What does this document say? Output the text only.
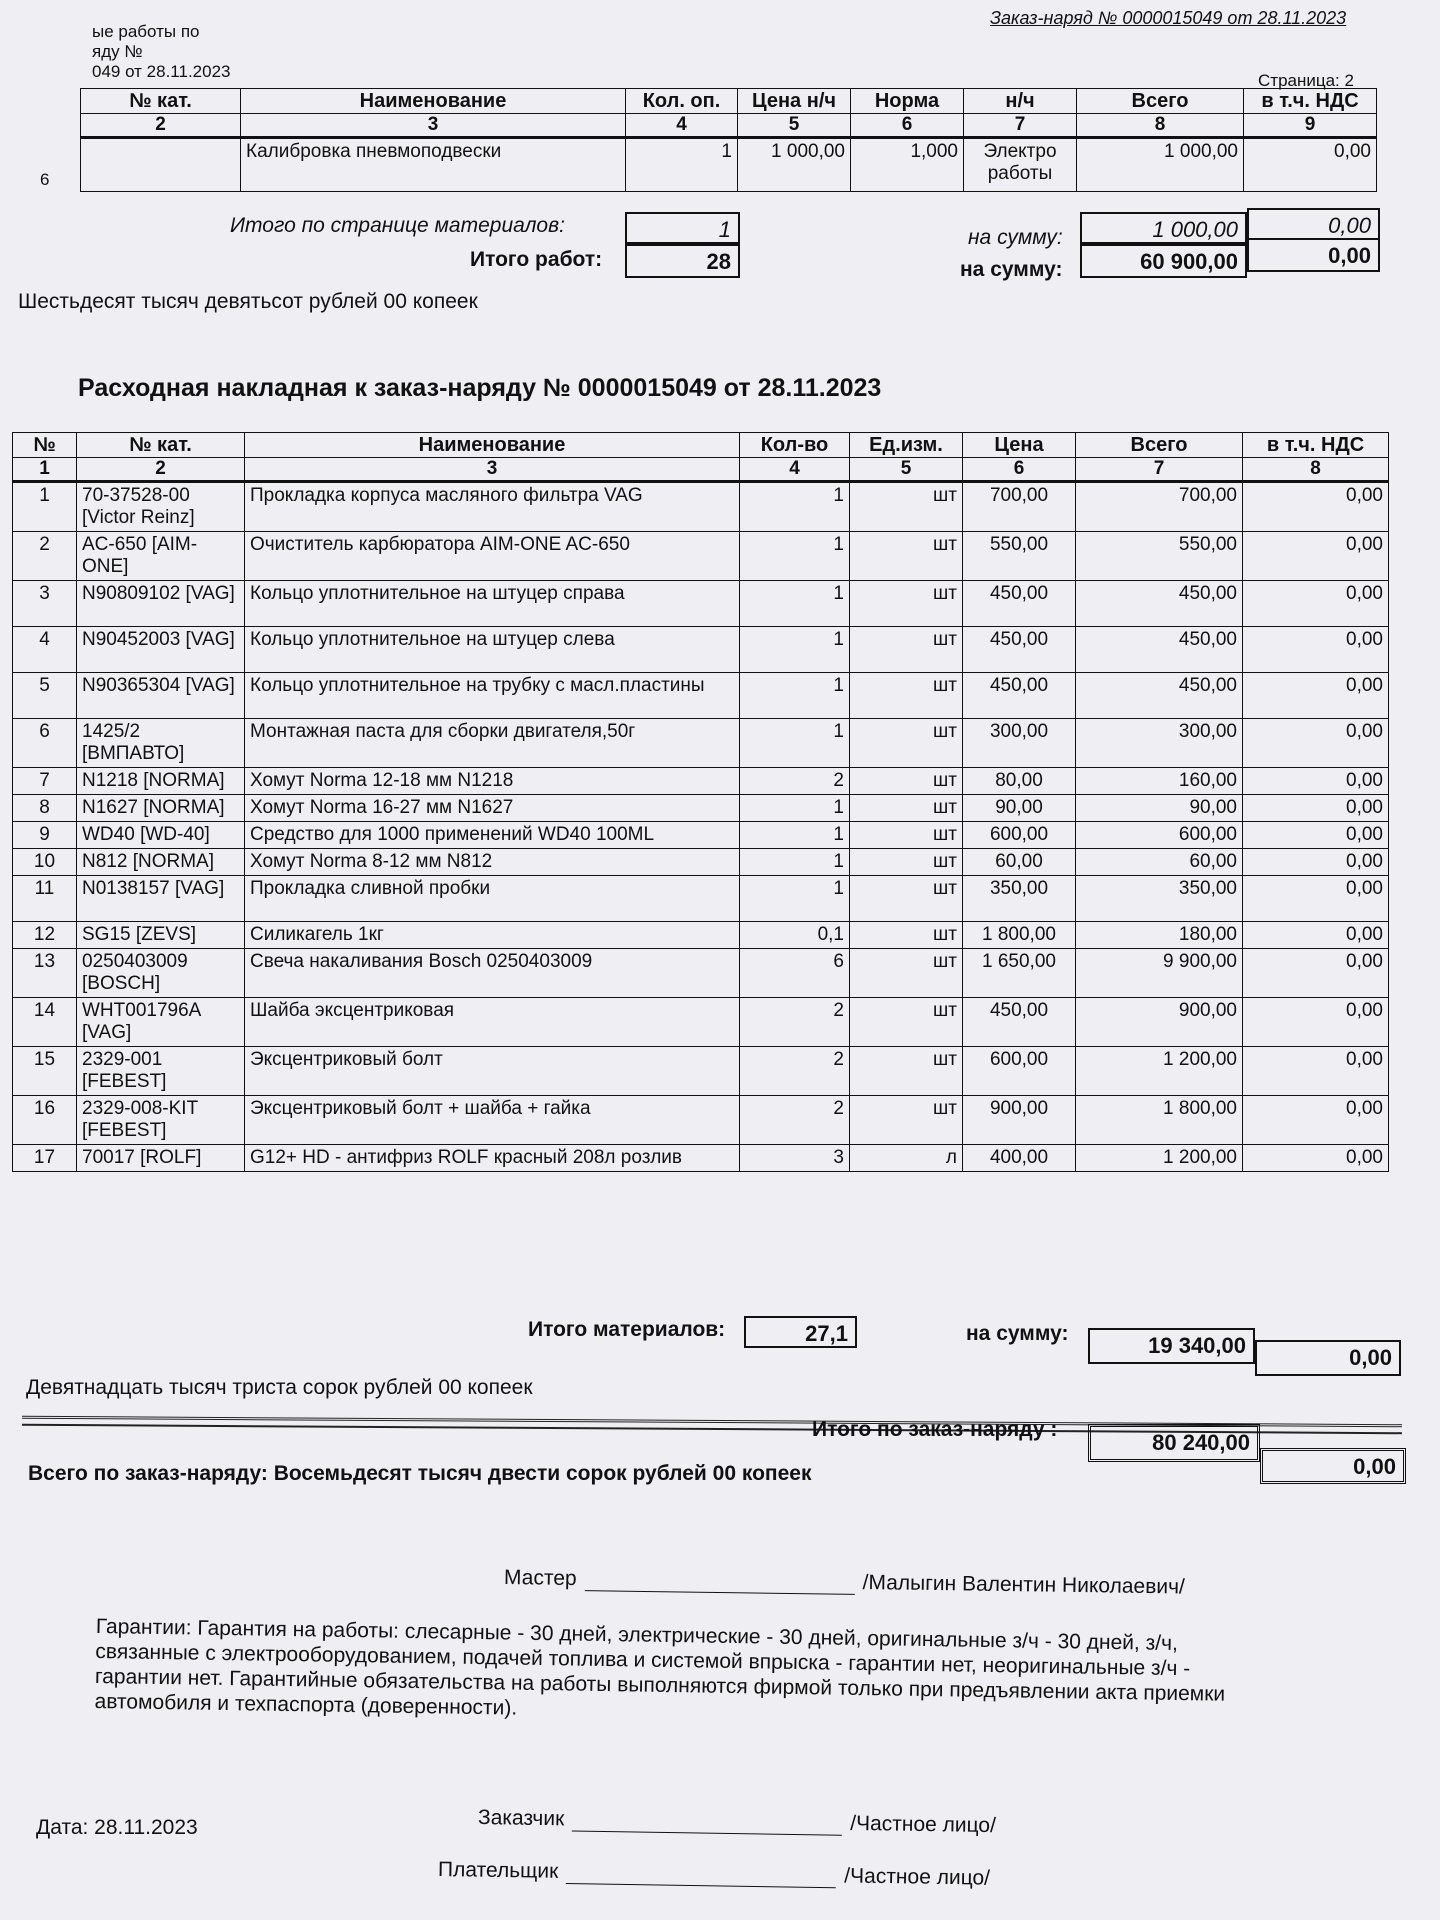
ые работы по
яду №
049 от 28.11.2023
Заказ-наряд № 0000015049 от 28.11.2023
Страница: 2
№ кат.	Наименование	Кол. оп.	Цена н/ч	Норма	н/ч	Всего	в т.ч. НДС
2	3	4	5	6	7	8	9
	Калибровка пневмоподвески	1	1 000,00	1,000	Электро работы	1 000,00	0,00
6
Итого по странице материалов:	1	на сумму:	1 000,00	0,00
Итого работ:	28	на сумму:	60 900,00	0,00
Шестьдесят тысяч девятьсот рублей 00 копеек
Расходная накладная к заказ-наряду № 0000015049 от 28.11.2023
№	№ кат.	Наименование	Кол-во	Ед.изм.	Цена	Всего	в т.ч. НДС
1	2	3	4	5	6	7	8
1	70-37528-00 [Victor Reinz]	Прокладка корпуса масляного фильтра VAG	1	шт	700,00	700,00	0,00
2	AC-650 [AIM-ONE]	Очиститель карбюратора AIM-ONE AC-650	1	шт	550,00	550,00	0,00
3	N90809102 [VAG]	Кольцо уплотнительное на штуцер справа	1	шт	450,00	450,00	0,00
4	N90452003 [VAG]	Кольцо уплотнительное на штуцер слева	1	шт	450,00	450,00	0,00
5	N90365304 [VAG]	Кольцо уплотнительное на трубку с масл.пластины	1	шт	450,00	450,00	0,00
6	1425/2 [ВМПАВТО]	Монтажная паста для сборки двигателя,50г	1	шт	300,00	300,00	0,00
7	N1218 [NORMA]	Хомут Norma 12-18 мм N1218	2	шт	80,00	160,00	0,00
8	N1627 [NORMA]	Хомут Norma 16-27 мм N1627	1	шт	90,00	90,00	0,00
9	WD40 [WD-40]	Средство для 1000 применений WD40 100ML	1	шт	600,00	600,00	0,00
10	N812 [NORMA]	Хомут Norma 8-12 мм N812	1	шт	60,00	60,00	0,00
11	N0138157 [VAG]	Прокладка сливной пробки	1	шт	350,00	350,00	0,00
12	SG15 [ZEVS]	Силикагель 1кг	0,1	шт	1 800,00	180,00	0,00
13	0250403009 [BOSCH]	Свеча накаливания Bosch 0250403009	6	шт	1 650,00	9 900,00	0,00
14	WHT001796A [VAG]	Шайба эксцентриковая	2	шт	450,00	900,00	0,00
15	2329-001 [FEBEST]	Эксцентриковый болт	2	шт	600,00	1 200,00	0,00
16	2329-008-KIT [FEBEST]	Эксцентриковый болт + шайба + гайка	2	шт	900,00	1 800,00	0,00
17	70017 [ROLF]	G12+ HD - антифриз ROLF красный 208л розлив	3	л	400,00	1 200,00	0,00
Итого материалов:	27,1	на сумму:	19 340,00	0,00
Девятнадцать тысяч триста сорок рублей 00 копеек
Итого по заказ-наряду :
80 240,00
0,00
Всего по заказ-наряду: Восемьдесят тысяч двести сорок рублей 00 копеек
Мастер	/Малыгин Валентин Николаевич/
Гарантии: Гарантия на работы: слесарные - 30 дней, электрические - 30 дней, оригинальные з/ч - 30 дней, з/ч, связанные с электрооборудованием, подачей топлива и системой впрыска - гарантии нет, неоригинальные з/ч - гарантии нет. Гарантийные обязательства на работы выполняются фирмой только при предъявлении акта приемки автомобиля и техпаспорта (доверенности).
Дата: 28.11.2023	Заказчик	/Частное лицо/
Плательщик	/Частное лицо/
